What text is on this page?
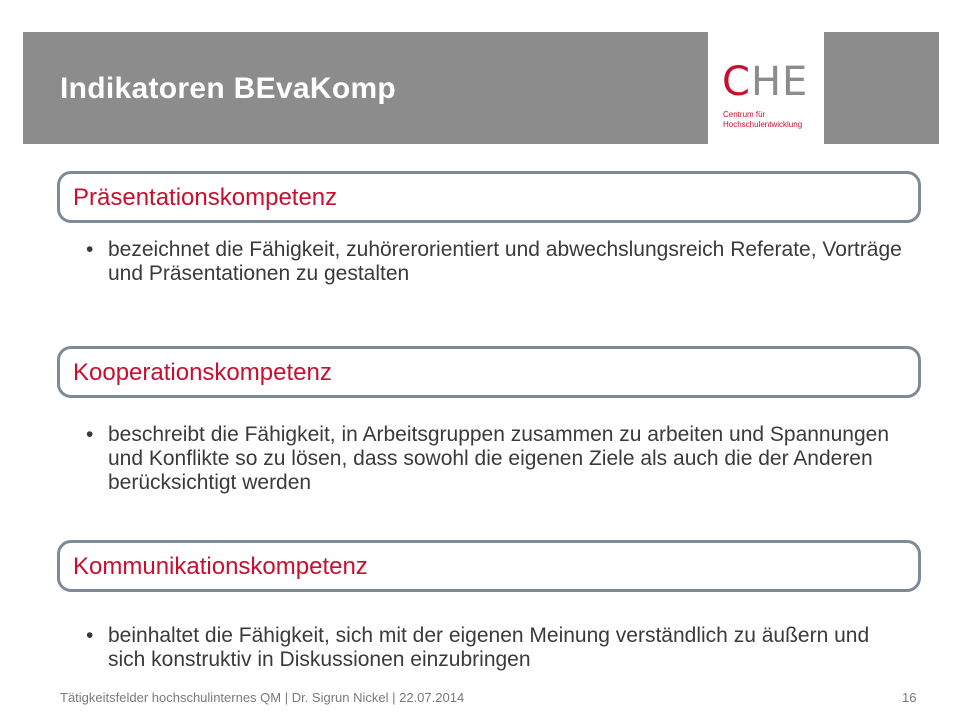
Indikatoren BEvaKomp	CHE
Centrum für
Hochschulentwicklung
Präsentationskompetenz
• bezeichnet die Fähigkeit, zuhörerorientiert und abwechslungsreich Referate, Vorträge und Präsentationen zu gestalten
Kooperationskompetenz
• beschreibt die Fähigkeit, in Arbeitsgruppen zusammen zu arbeiten und Spannungen und Konflikte so zu lösen, dass sowohl die eigenen Ziele als auch die der Anderen berücksichtigt werden
Kommunikationskompetenz
• beinhaltet die Fähigkeit, sich mit der eigenen Meinung verständlich zu äußern und sich konstruktiv in Diskussionen einzubringen
Tätigkeitsfelder hochschulinternes QM | Dr. Sigrun Nickel | 22.07.2014	16
